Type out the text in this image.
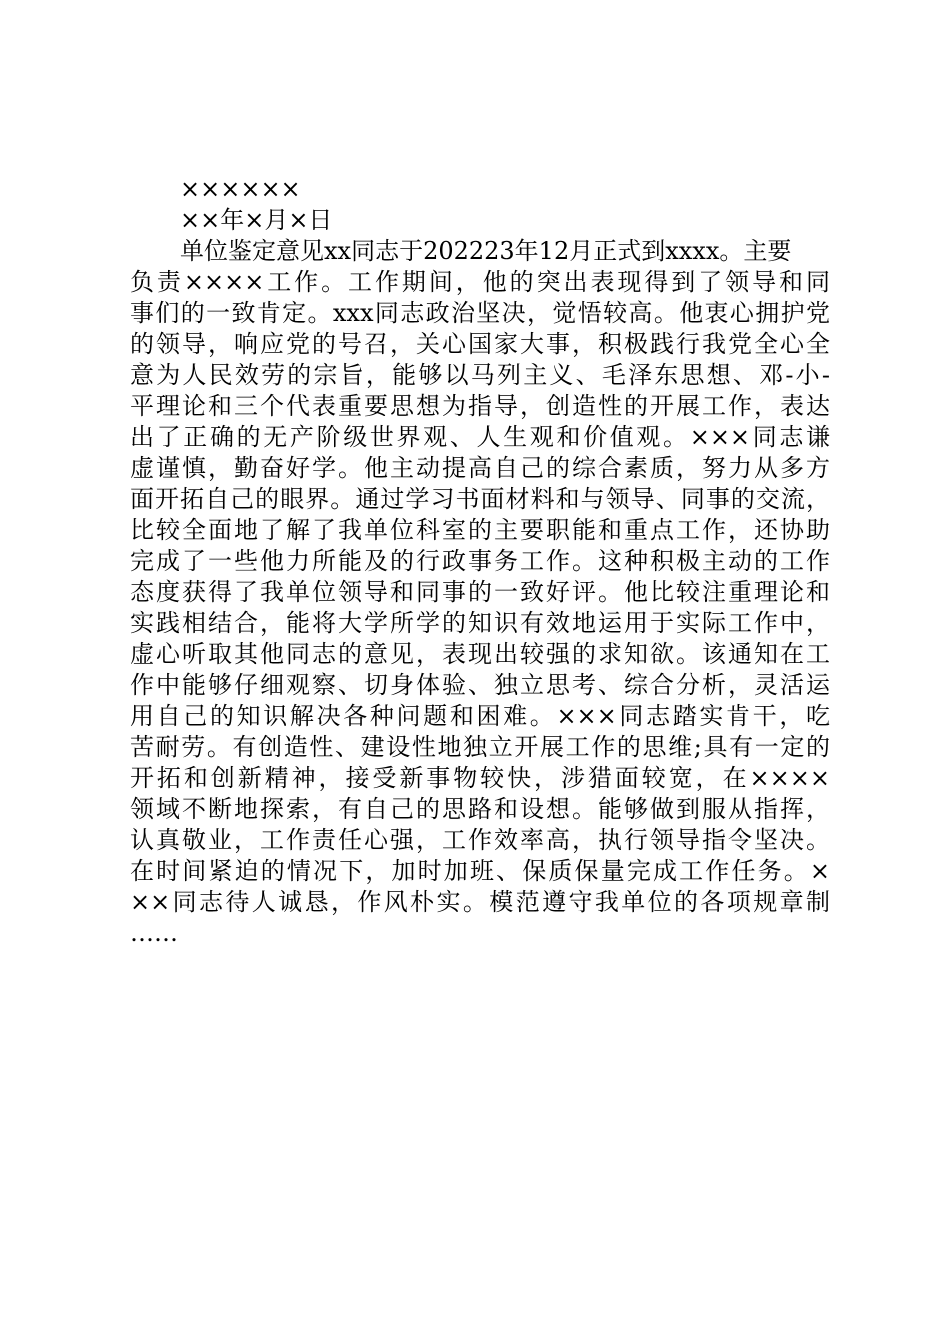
××××××
××年×月×日
单位鉴定意见xx同志于202223年12月正式到xxxx。主要
负责××××工作。工作期间，他的突出表现得到了领导和同
事们的一致肯定。xxx同志政治坚决，觉悟较高。他衷心拥护党
的领导，响应党的号召，关心国家大事，积极践行我党全心全
意为人民效劳的宗旨，能够以马列主义、毛泽东思想、邓-小-
平理论和三个代表重要思想为指导，创造性的开展工作，表达
出了正确的无产阶级世界观、人生观和价值观。×××同志谦
虚谨慎，勤奋好学。他主动提高自己的综合素质，努力从多方
面开拓自己的眼界。通过学习书面材料和与领导、同事的交流，
比较全面地了解了我单位科室的主要职能和重点工作，还协助
完成了一些他力所能及的行政事务工作。这种积极主动的工作
态度获得了我单位领导和同事的一致好评。他比较注重理论和
实践相结合，能将大学所学的知识有效地运用于实际工作中，
虚心听取其他同志的意见，表现出较强的求知欲。该通知在工
作中能够仔细观察、切身体验、独立思考、综合分析，灵活运
用自己的知识解决各种问题和困难。×××同志踏实肯干，吃
苦耐劳。有创造性、建设性地独立开展工作的思维;具有一定的
开拓和创新精神，接受新事物较快，涉猎面较宽，在××××
领域不断地探索，有自己的思路和设想。能够做到服从指挥，
认真敬业，工作责任心强，工作效率高，执行领导指令坚决。
在时间紧迫的情况下，加时加班、保质保量完成工作任务。×
××同志待人诚恳，作风朴实。模范遵守我单位的各项规章制
……
